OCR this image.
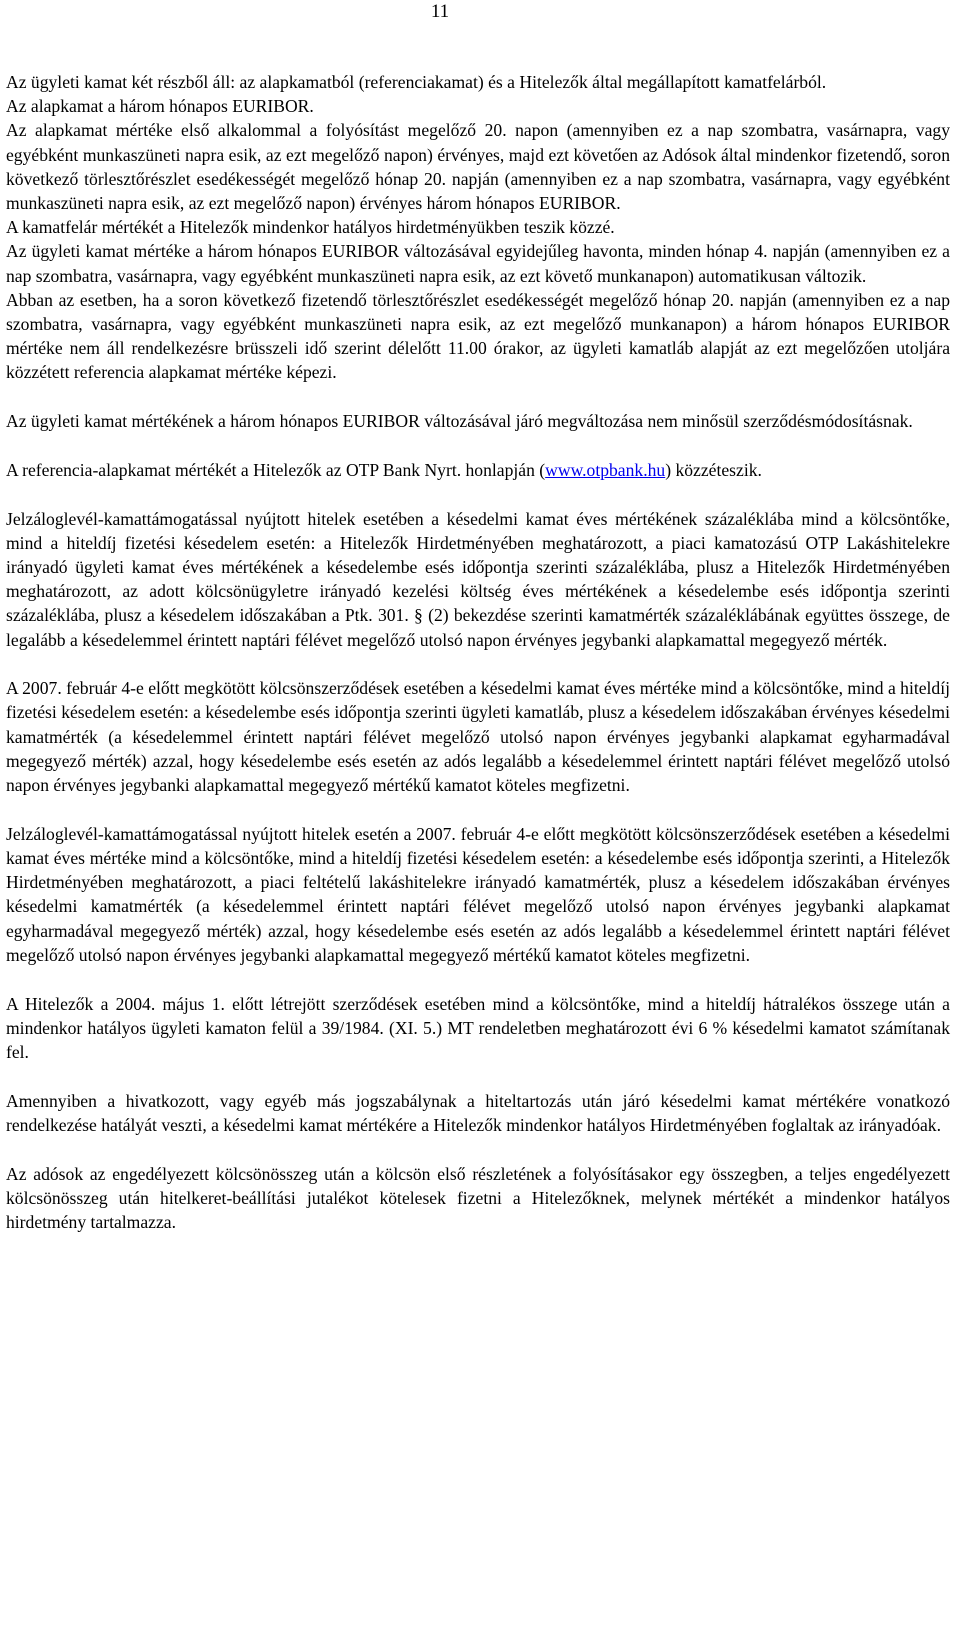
11

Az ügyleti kamat két részből áll: az alapkamatból (referenciakamat) és a Hitelezők által megállapított kamatfelárból.

Az alapkamat a három hónapos EURIBOR.

Az alapkamat mértéke első alkalommal a folyósítást megelőző 20. napon (amennyiben ez a nap szombatra, vasárnapra, vagy egyébként munkaszüneti napra esik, az ezt megelőző napon) érvényes, majd ezt követően az Adósok által mindenkor fizetendő, soron következő törlesztőrészlet esedékességét megelőző hónap 20. napján (amennyiben ez a nap szombatra, vasárnapra, vagy egyébként munkaszüneti napra esik, az ezt megelőző napon) érvényes három hónapos EURIBOR.

A kamatfelár mértékét a Hitelezők mindenkor hatályos hirdetményükben teszik közzé.

Az ügyleti kamat mértéke a három hónapos EURIBOR változásával egyidejűleg havonta, minden hónap 4. napján (amennyiben ez a nap szombatra, vasárnapra, vagy egyébként munkaszüneti napra esik, az ezt követő munkanapon) automatikusan változik.

Abban az esetben, ha a soron következő fizetendő törlesztőrészlet esedékességét megelőző hónap 20. napján (amennyiben ez a nap szombatra, vasárnapra, vagy egyébként munkaszüneti napra esik, az ezt megelőző munkanapon) a három hónapos EURIBOR mértéke nem áll rendelkezésre brüsszeli idő szerint délelőtt 11.00 órakor, az ügyleti kamatláb alapját az ezt megelőzően utoljára közzétett referencia alapkamat mértéke képezi.

Az ügyleti kamat mértékének a három hónapos EURIBOR változásával járó megváltozása nem minősül szerződésmódosításnak.

A referencia-alapkamat mértékét a Hitelezők az OTP Bank Nyrt. honlapján (www.otpbank.hu) közzéteszik.

Jelzáloglevél-kamattámogatással nyújtott hitelek esetében a késedelmi kamat éves mértékének százaléklába mind a kölcsöntőke, mind a hiteldíj fizetési késedelem esetén: a Hitelezők Hirdetményében meghatározott, a piaci kamatozású OTP Lakáshitelekre irányadó ügyleti kamat éves mértékének a késedelembe esés időpontja szerinti százaléklába, plusz a Hitelezők Hirdetményében meghatározott, az adott kölcsönügyletre irányadó kezelési költség éves mértékének a késedelembe esés időpontja szerinti százaléklába, plusz a késedelem időszakában a Ptk. 301. § (2) bekezdése szerinti kamatmérték százaléklábának együttes összege, de legalább a késedelemmel érintett naptári félévet megelőző utolsó napon érvényes jegybanki alapkamattal megegyező mérték.

A 2007. február 4-e előtt megkötött kölcsönszerződések esetében a késedelmi kamat éves mértéke mind a kölcsöntőke, mind a hiteldíj fizetési késedelem esetén: a késedelembe esés időpontja szerinti ügyleti kamatláb, plusz a késedelem időszakában érvényes késedelmi kamatmérték (a késedelemmel érintett naptári félévet megelőző utolsó napon érvényes jegybanki alapkamat egyharmadával megegyező mérték) azzal, hogy késedelembe esés esetén az adós legalább a késedelemmel érintett naptári félévet megelőző utolsó napon érvényes jegybanki alapkamattal megegyező mértékű kamatot köteles megfizetni.

Jelzáloglevél-kamattámogatással nyújtott hitelek esetén a 2007. február 4-e előtt megkötött kölcsönszerződések esetében a késedelmi kamat éves mértéke mind a kölcsöntőke, mind a hiteldíj fizetési késedelem esetén: a késedelembe esés időpontja szerinti, a Hitelezők Hirdetményében meghatározott, a piaci feltételű lakáshitelekre irányadó kamatmérték, plusz a késedelem időszakában érvényes késedelmi kamatmérték (a késedelemmel érintett naptári félévet megelőző utolsó napon érvényes jegybanki alapkamat egyharmadával megegyező mérték) azzal, hogy késedelembe esés esetén az adós legalább a késedelemmel érintett naptári félévet megelőző utolsó napon érvényes jegybanki alapkamattal megegyező mértékű kamatot köteles megfizetni.

A Hitelezők a 2004. május 1. előtt létrejött szerződések esetében mind a kölcsöntőke, mind a hiteldíj hátralékos összege után a mindenkor hatályos ügyleti kamaton felül a 39/1984. (XI. 5.) MT rendeletben meghatározott évi 6 % késedelmi kamatot számítanak fel.

Amennyiben a hivatkozott, vagy egyéb más jogszabálynak a hiteltartozás után járó késedelmi kamat mértékére vonatkozó rendelkezése hatályát veszti, a késedelmi kamat mértékére a Hitelezők mindenkor hatályos Hirdetményében foglaltak az irányadóak.

Az adósok az engedélyezett kölcsönösszeg után a kölcsön első részletének a folyósításakor egy összegben, a teljes engedélyezett kölcsönösszeg után hitelkeret-beállítási jutalékot kötelesek fizetni a Hitelezőknek, melynek mértékét a mindenkor hatályos hirdetmény tartalmazza.
